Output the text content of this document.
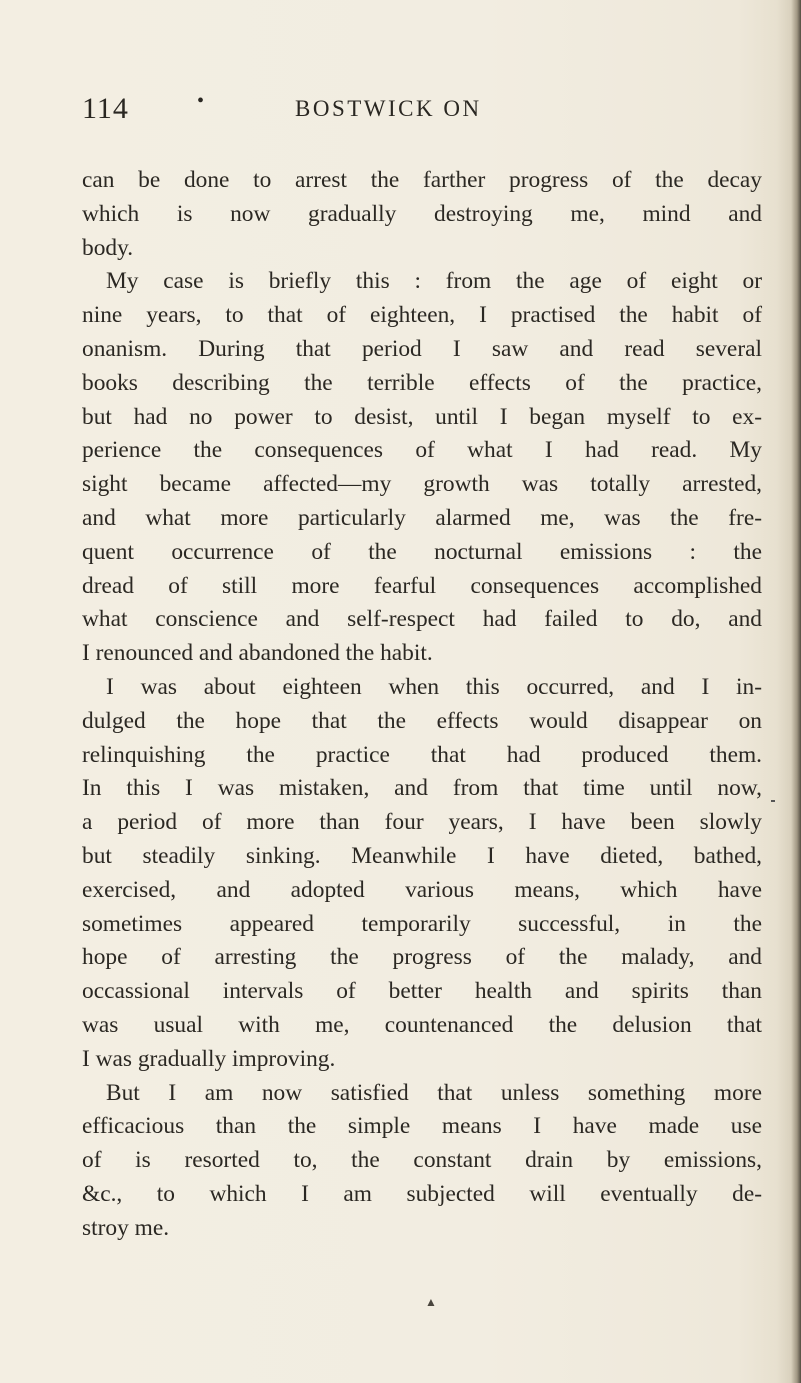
114	•	BOSTWICK ON
can be done to arrest the farther progress of the decay
which is now gradually destroying me, mind and
body.
My case is briefly this : from the age of eight or
nine years, to that of eighteen, I practised the habit of
onanism. During that period I saw and read several
books describing the terrible effects of the practice,
but had no power to desist, until I began myself to ex-
perience the consequences of what I had read. My
sight became affected—my growth was totally arrested,
and what more particularly alarmed me, was the fre-
quent occurrence of the nocturnal emissions : the
dread of still more fearful consequences accomplished
what conscience and self-respect had failed to do, and
I renounced and abandoned the habit.
I was about eighteen when this occurred, and I in-
dulged the hope that the effects would disappear on
relinquishing the practice that had produced them.
In this I was mistaken, and from that time until now,
a period of more than four years, I have been slowly
but steadily sinking. Meanwhile I have dieted, bathed,
exercised, and adopted various means, which have
sometimes appeared temporarily successful, in the
hope of arresting the progress of the malady, and
occassional intervals of better health and spirits than
was usual with me, countenanced the delusion that
I was gradually improving.
But I am now satisfied that unless something more
efficacious than the simple means I have made use
of is resorted to, the constant drain by emissions,
&c., to which I am subjected will eventually de-
stroy me.
▲
